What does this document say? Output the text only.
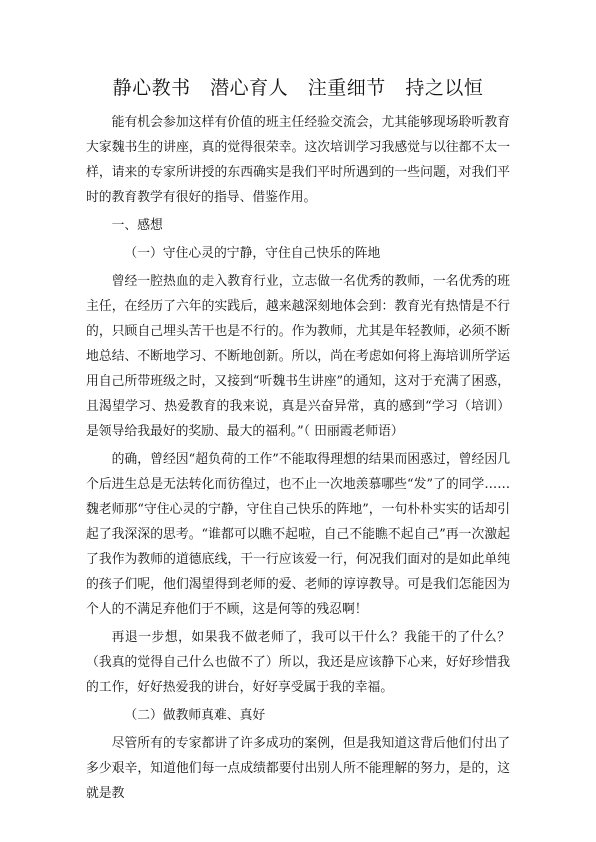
静心教书   潜心育人   注重细节   持之以恒

能有机会参加这样有价值的班主任经验交流会，尤其能够现场聆听教育大家魏书生的讲座，真的觉得很荣幸。这次培训学习我感觉与以往都不太一样，请来的专家所讲授的东西确实是我们平时所遇到的一些问题，对我们平时的教育教学有很好的指导、借鉴作用。

一、感想

（一）守住心灵的宁静，守住自己快乐的阵地

曾经一腔热血的走入教育行业，立志做一名优秀的教师，一名优秀的班主任，在经历了六年的实践后，越来越深刻地体会到：教育光有热情是不行的，只顾自己埋头苦干也是不行的。作为教师，尤其是年轻教师，必须不断地总结、不断地学习、不断地创新。所以，尚在考虑如何将上海培训所学运用自己所带班级之时，又接到“听魏书生讲座”的通知，这对于充满了困惑，且渴望学习、热爱教育的我来说，真是兴奋异常，真的感到“学习（培训）是领导给我最好的奖励、最大的福利。”（ 田丽霞老师语）

的确，曾经因“超负荷的工作”不能取得理想的结果而困惑过，曾经因几个后进生总是无法转化而彷徨过，也不止一次地羡慕哪些“发”了的同学……魏老师那“守住心灵的宁静，守住自己快乐的阵地”，一句朴朴实实的话却引起了我深深的思考。“谁都可以瞧不起啦，自己不能瞧不起自己”再一次激起了我作为教师的道德底线，干一行应该爱一行，何况我们面对的是如此单纯的孩子们呢，他们渴望得到老师的爱、老师的谆谆教导。可是我们怎能因为个人的不满足弃他们于不顾，这是何等的残忍啊！

再退一步想，如果我不做老师了，我可以干什么？我能干的了什么？（我真的觉得自己什么也做不了）所以，我还是应该静下心来，好好珍惜我的工作，好好热爱我的讲台，好好享受属于我的幸福。

（二）做教师真难、真好

尽管所有的专家都讲了许多成功的案例，但是我知道这背后他们付出了多少艰辛，知道他们每一点成绩都要付出别人所不能理解的努力，是的，这就是教
